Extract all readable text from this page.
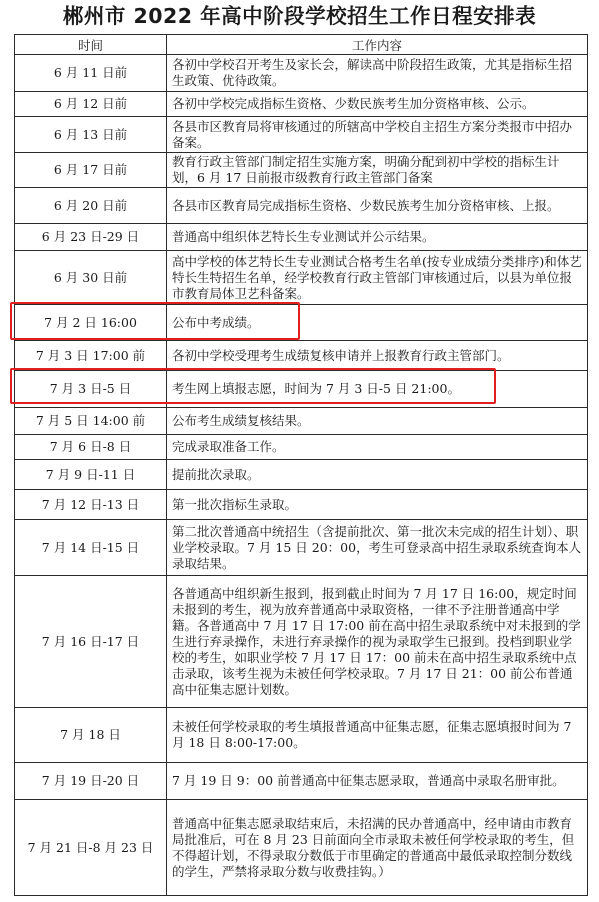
郴州市 2022 年高中阶段学校招生工作日程安排表
时间	工作内容
6 月 11 日前	各初中学校召开考生及家长会，解读高中阶段招生政策，尤其是指标生招生政策、优待政策。
6 月 12 日前	各初中学校完成指标生资格、少数民族考生加分资格审核、公示。
6 月 13 日前	各县市区教育局将审核通过的所辖高中学校自主招生方案分类报市中招办备案。
6 月 17 日前	教育行政主管部门制定招生实施方案，明确分配到初中学校的指标生计划，6 月 17 日前报市级教育行政主管部门备案
6 月 20 日前	各县市区教育局完成指标生资格、少数民族考生加分资格审核、上报。
6 月 23 日-29 日	普通高中组织体艺特长生专业测试并公示结果。
6 月 30 日前	高中学校的体艺特长生专业测试合格考生名单(按专业成绩分类排序)和体艺特长生特招生名单，经学校教育行政主管部门审核通过后，以县为单位报市教育局体卫艺科备案。
7 月 2 日 16:00	公布中考成绩。
7 月 3 日 17:00 前	各初中学校受理考生成绩复核申请并上报教育行政主管部门。
7 月 3 日-5 日	考生网上填报志愿，时间为 7 月 3 日-5 日 21:00。
7 月 5 日 14:00 前	公布考生成绩复核结果。
7 月 6 日-8 日	完成录取准备工作。
7 月 9 日-11 日	提前批次录取。
7 月 12 日-13 日	第一批次指标生录取。
7 月 14 日-15 日	第二批次普通高中统招生（含提前批次、第一批次未完成的招生计划）、职业学校录取。7 月 15 日 20：00，考生可登录高中招生录取系统查询本人录取结果。
7 月 16 日-17 日	各普通高中组织新生报到，报到截止时间为 7 月 17 日 16:00，规定时间未报到的考生，视为放弃普通高中录取资格，一律不予注册普通高中学籍。各普通高中 7 月 17 日 17:00 前在高中招生录取系统中对未报到的学生进行弃录操作，未进行弃录操作的视为录取学生已报到。投档到职业学校的考生，如职业学校 7 月 17 日 17：00 前未在高中招生录取系统中点击录取，该考生视为未被任何学校录取。7 月 17 日 21：00 前公布普通高中征集志愿计划数。
7 月 18 日	未被任何学校录取的考生填报普通高中征集志愿，征集志愿填报时间为 7 月 18 日 8:00-17:00。
7 月 19 日-20 日	7 月 19 日 9：00 前普通高中征集志愿录取，普通高中录取名册审批。
7 月 21 日-8 月 23 日	普通高中征集志愿录取结束后，未招满的民办普通高中，经申请由市教育局批准后，可在 8 月 23 日前面向全市录取未被任何学校录取的考生，但不得超计划，不得录取分数低于市里确定的普通高中最低录取控制分数线的学生，严禁将录取分数与收费挂钩。）
